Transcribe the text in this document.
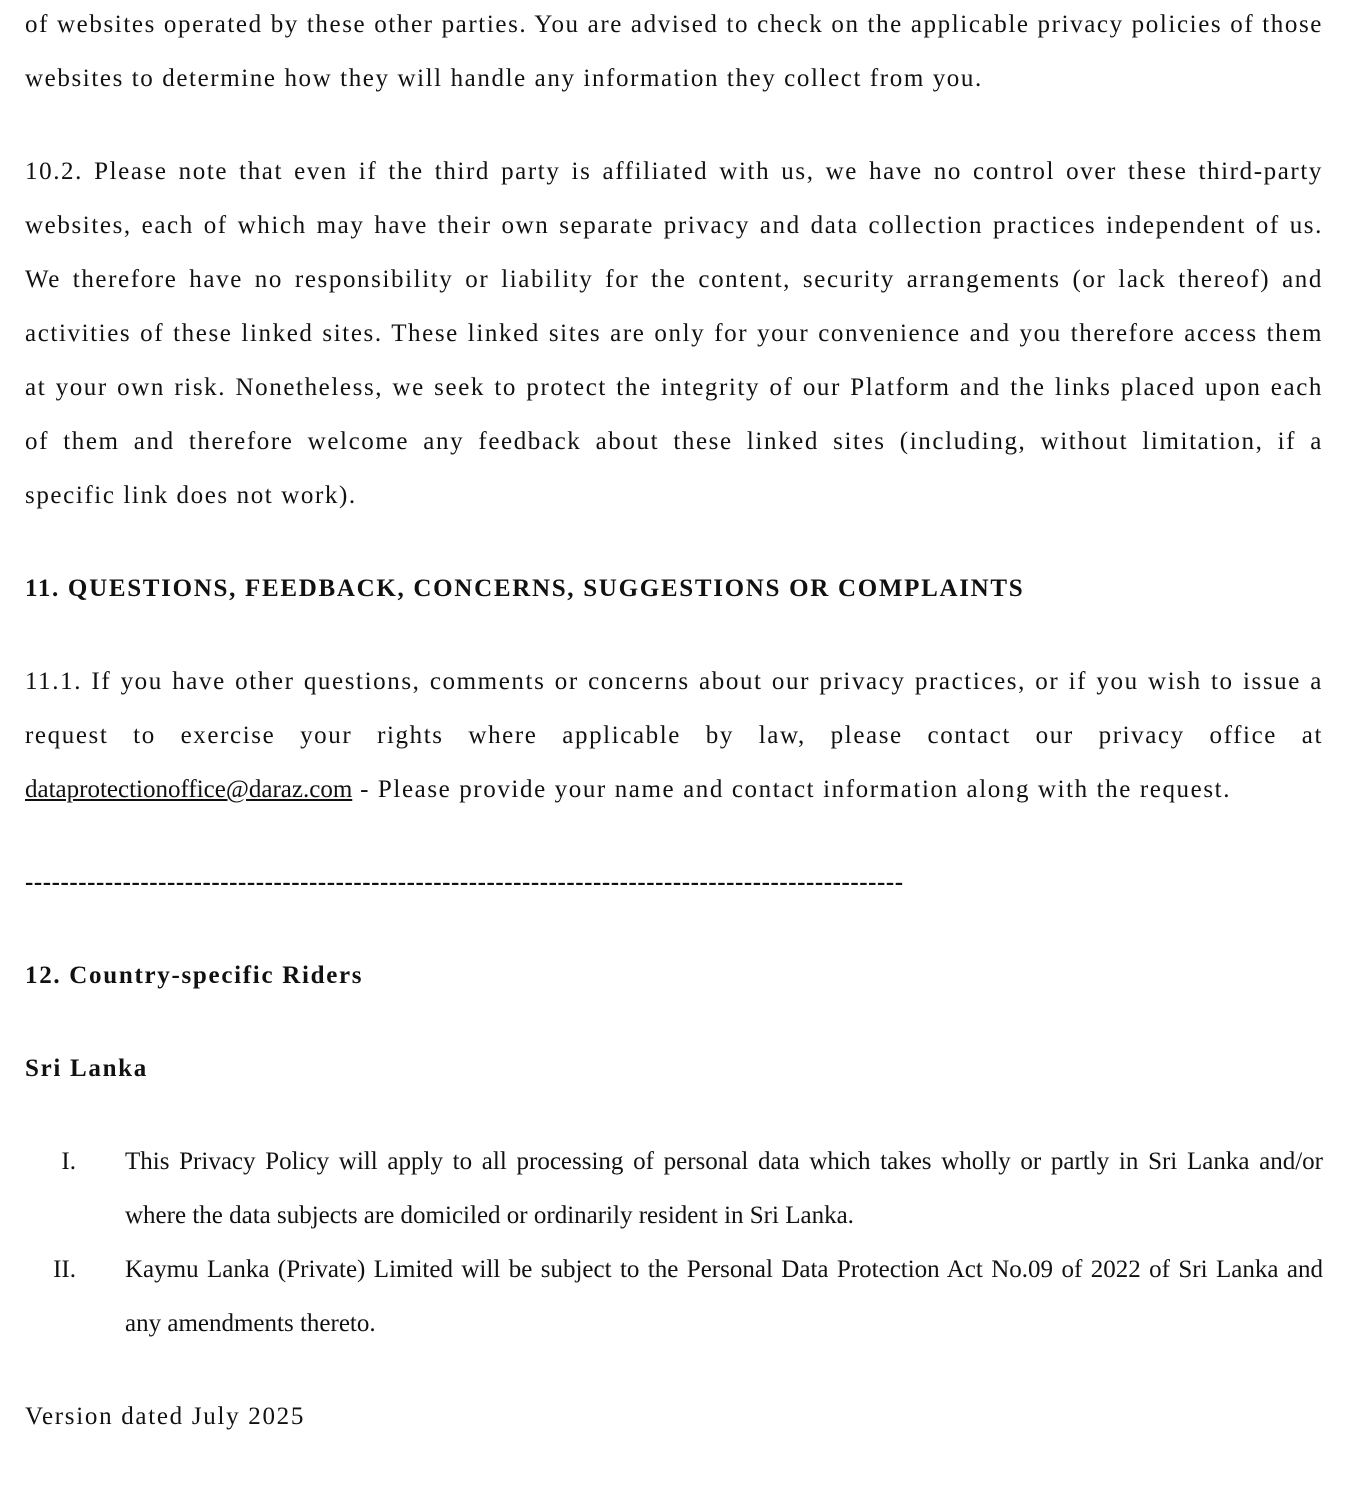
of websites operated by these other parties. You are advised to check on the applicable privacy policies of those websites to determine how they will handle any information they collect from you.

10.2. Please note that even if the third party is affiliated with us, we have no control over these third-party websites, each of which may have their own separate privacy and data collection practices independent of us. We therefore have no responsibility or liability for the content, security arrangements (or lack thereof) and activities of these linked sites. These linked sites are only for your convenience and you therefore access them at your own risk. Nonetheless, we seek to protect the integrity of our Platform and the links placed upon each of them and therefore welcome any feedback about these linked sites (including, without limitation, if a specific link does not work).

11. QUESTIONS, FEEDBACK, CONCERNS, SUGGESTIONS OR COMPLAINTS

11.1. If you have other questions, comments or concerns about our privacy practices, or if you wish to issue a request to exercise your rights where applicable by law, please contact our privacy office at dataprotectionoffice@daraz.com - Please provide your name and contact information along with the request.

---------------------------------------------------------------------------------------------------

12. Country-specific Riders
Sri Lanka
I.	This Privacy Policy will apply to all processing of personal data which takes wholly or partly in Sri Lanka and/or where the data subjects are domiciled or ordinarily resident in Sri Lanka.
II.	Kaymu Lanka (Private) Limited will be subject to the Personal Data Protection Act No.09 of 2022 of Sri Lanka and any amendments thereto.

Version dated July 2025
